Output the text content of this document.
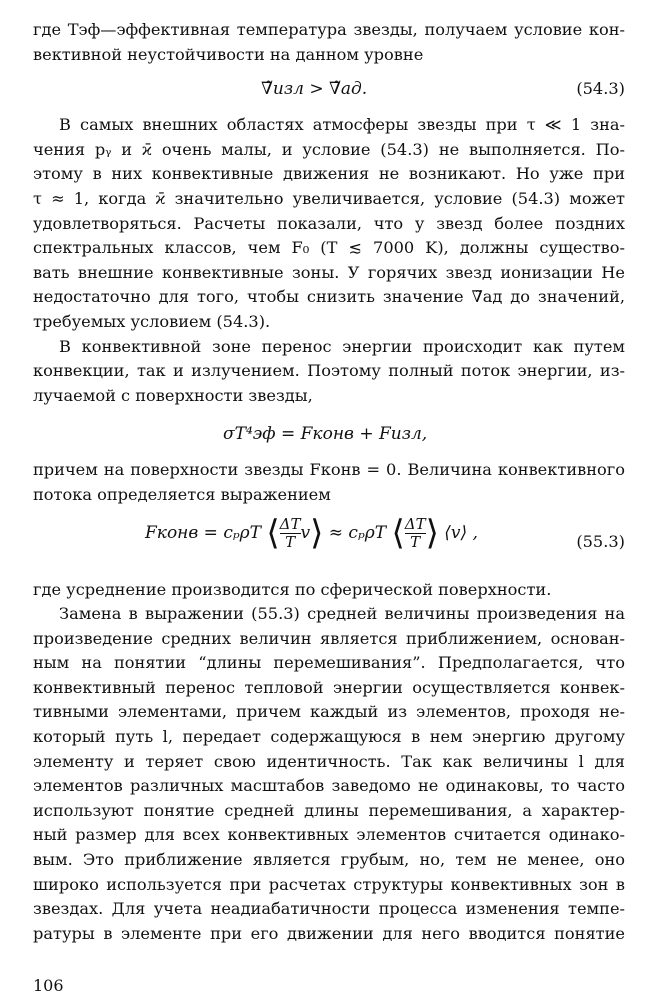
где Tэф—эффективная температура звезды, получаем условие кон-
вективной неустойчивости на данном уровне
∇̃изл > ∇̃ад.	(54.3)
В самых внешних областях атмосферы звезды при τ ≪ 1 зна-
чения pᵧ и ϰ̄ очень малы, и условие (54.3) не выполняется. По-
этому в них конвективные движения не возникают. Но уже при
τ ≈ 1, когда ϰ̄ значительно увеличивается, условие (54.3) может
удовлетворяться. Расчеты показали, что у звезд более поздних
спектральных классов, чем F₀ (T ≲ 7000 K), должны существо-
вать внешние конвективные зоны. У горячих звезд ионизации He
недостаточно для того, чтобы снизить значение ∇̃ад до значений,
требуемых условием (54.3).
В конвективной зоне перенос энергии происходит как путем
конвекции, так и излучением. Поэтому полный поток энергии, из-
лучаемой с поверхности звезды,
σT⁴эф = Fконв + Fизл,
причем на поверхности звезды Fконв = 0. Величина конвективного
потока определяется выражением
Fконв = cₚρT ⟨ $\frac{\Delta T}{T}$ v⟩ ≈ cₚρT ⟨ $\frac{\Delta T}{T}$ ⟩ ⟨v⟩ ,	(55.3)
где усреднение производится по сферической поверхности.
Замена в выражении (55.3) средней величины произведения на
произведение средних величин является приближением, основан-
ным на понятии “длины перемешивания”. Предполагается, что
конвективный перенос тепловой энергии осуществляется конвек-
тивными элементами, причем каждый из элементов, проходя не-
который путь l, передает содержащуюся в нем энергию другому
элементу и теряет свою идентичность. Так как величины l для
элементов различных масштабов заведомо не одинаковы, то часто
используют понятие средней длины перемешивания, а характер-
ный размер для всех конвективных элементов считается одинако-
вым. Это приближение является грубым, но, тем не менее, оно
широко используется при расчетах структуры конвективных зон в
звездах. Для учета неадиабатичности процесса изменения темпе-
ратуры в элементе при его движении для него вводится понятие
106
